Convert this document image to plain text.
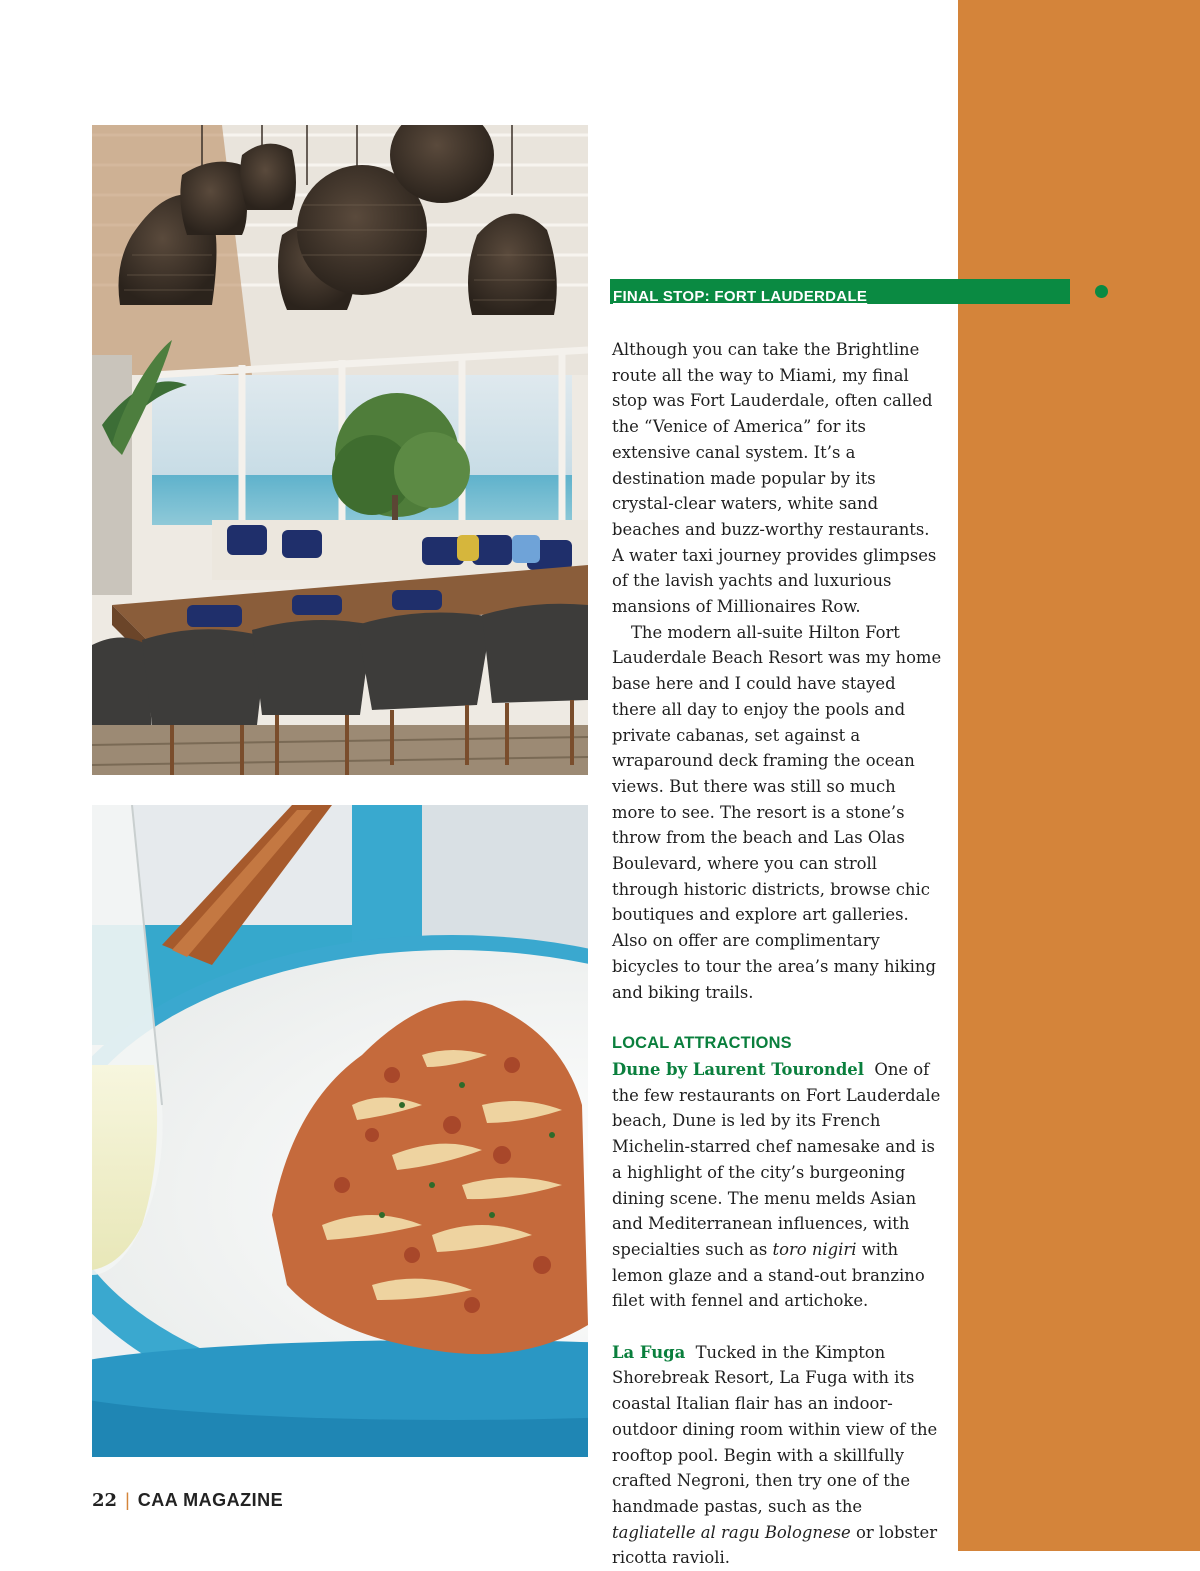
FINAL STOP: FORT LAUDERDALE

Although you can take the Brightline route all the way to Miami, my final stop was Fort Lauderdale, often called the “Venice of America” for its extensive canal system. It’s a destination made popular by its crystal-clear waters, white sand beaches and buzz-worthy restaurants. A water taxi journey provides glimpses of the lavish yachts and luxurious mansions of Millionaires Row.

The modern all-suite Hilton Fort Lauderdale Beach Resort was my home base here and I could have stayed there all day to enjoy the pools and private cabanas, set against a wraparound deck framing the ocean views. But there was still so much more to see. The resort is a stone’s throw from the beach and Las Olas Boulevard, where you can stroll through historic districts, browse chic boutiques and explore art galleries. Also on offer are complimentary bicycles to tour the area’s many hiking and biking trails.

LOCAL ATTRACTIONS

Dune by Laurent Tourondel One of the few restaurants on Fort Lauderdale beach, Dune is led by its French Michelin-starred chef namesake and is a highlight of the city’s burgeoning dining scene. The menu melds Asian and Mediterranean influences, with specialties such as toro nigiri with lemon glaze and a stand-out branzino filet with fennel and artichoke.

La Fuga Tucked in the Kimpton Shorebreak Resort, La Fuga with its coastal Italian flair has an indoor-outdoor dining room within view of the rooftop pool. Begin with a skillfully crafted Negroni, then try one of the handmade pastas, such as the tagliatelle al ragu Bolognese or lobster ricotta ravioli.

22 | CAA MAGAZINE
